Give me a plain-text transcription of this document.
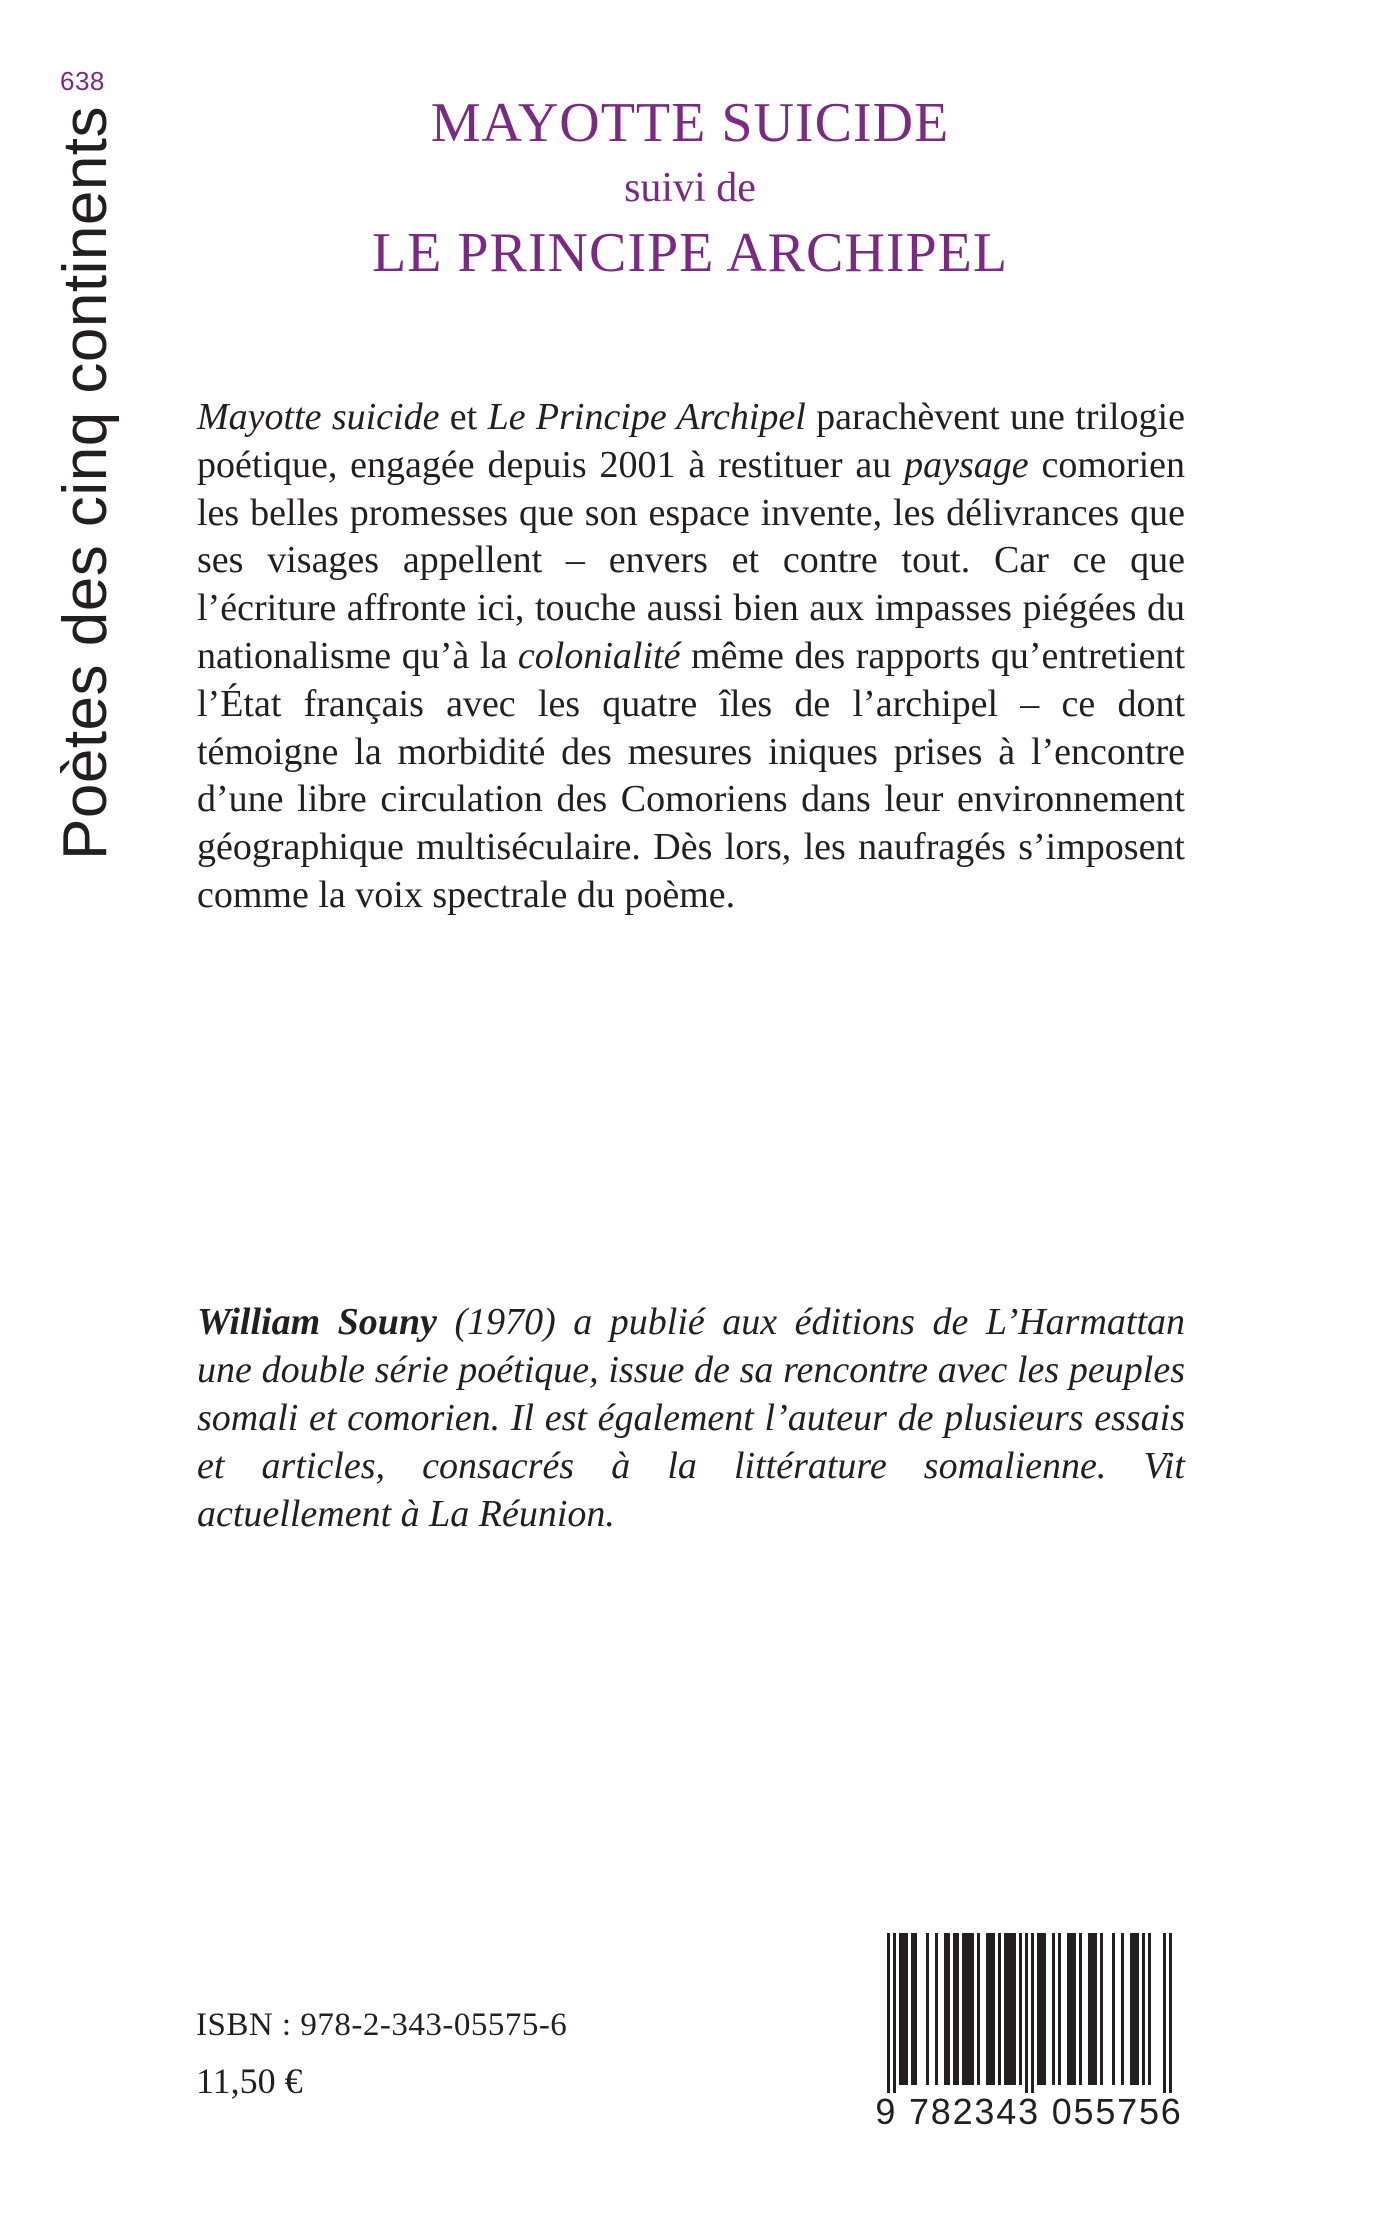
638
Poètes des cinq continents	MAYOTTE SUICIDE
suivi de
LE PRINCIPE ARCHIPEL

Mayotte suicide et Le Principe Archipel parachèvent une trilogie poétique, engagée depuis 2001 à restituer au paysage comorien les belles promesses que son espace invente, les délivrances que ses visages appellent – envers et contre tout. Car ce que l’écriture affronte ici, touche aussi bien aux impasses piégées du nationalisme qu’à la colonialité même des rapports qu’entretient l’État français avec les quatre îles de l’archipel – ce dont témoigne la morbidité des mesures iniques prises à l’encontre d’une libre circulation des Comoriens dans leur environnement géographique multiséculaire. Dès lors, les naufragés s’imposent comme la voix spectrale du poème.

William Souny (1970) a publié aux éditions de L’Harmattan une double série poétique, issue de sa rencontre avec les peuples somali et comorien. Il est également l’auteur de plusieurs essais et articles, consacrés à la littérature somalienne. Vit actuellement à La Réunion.

ISBN : 978-2-343-05575-6
11,50 €
9 782343 055756
